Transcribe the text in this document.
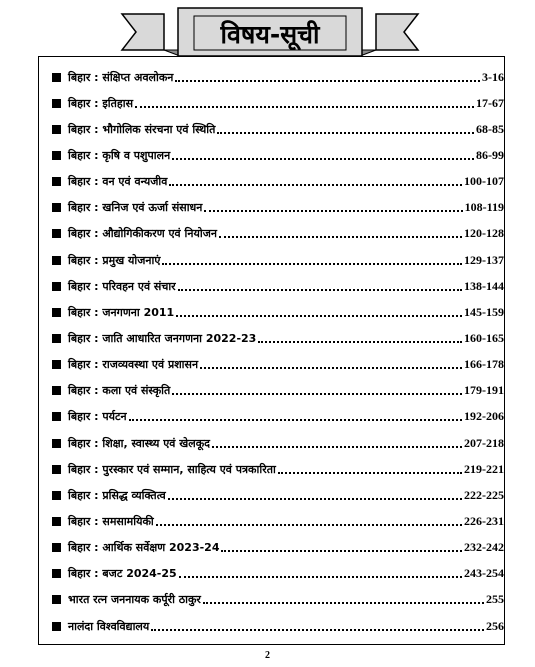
विषय-सूची
बिहार : संक्षिप्त अवलोकन	3-16
बिहार : इतिहास	17-67
बिहार : भौगोलिक संरचना एवं स्थिति	68-85
बिहार : कृषि व पशुपालन	86-99
बिहार : वन एवं वन्यजीव	100-107
बिहार : खनिज एवं ऊर्जा संसाधन	108-119
बिहार : औद्योगिकीकरण एवं नियोजन	120-128
बिहार : प्रमुख योजनाएं	129-137
बिहार : परिवहन एवं संचार	138-144
बिहार : जनगणना 2011	145-159
बिहार : जाति आधारित जनगणना 2022-23	160-165
बिहार : राजव्यवस्था एवं प्रशासन	166-178
बिहार : कला एवं संस्कृति	179-191
बिहार : पर्यटन	192-206
बिहार : शिक्षा, स्वास्थ्य एवं खेलकूद	207-218
बिहार : पुरस्कार एवं सम्मान, साहित्य एवं पत्रकारिता	219-221
बिहार : प्रसिद्ध व्यक्तित्व	222-225
बिहार : समसामयिकी	226-231
बिहार : आर्थिक सर्वेक्षण 2023-24	232-242
बिहार : बजट 2024-25	243-254
भारत रत्न जननायक कर्पूरी ठाकुर	255
नालंदा विश्वविद्यालय	256
2
